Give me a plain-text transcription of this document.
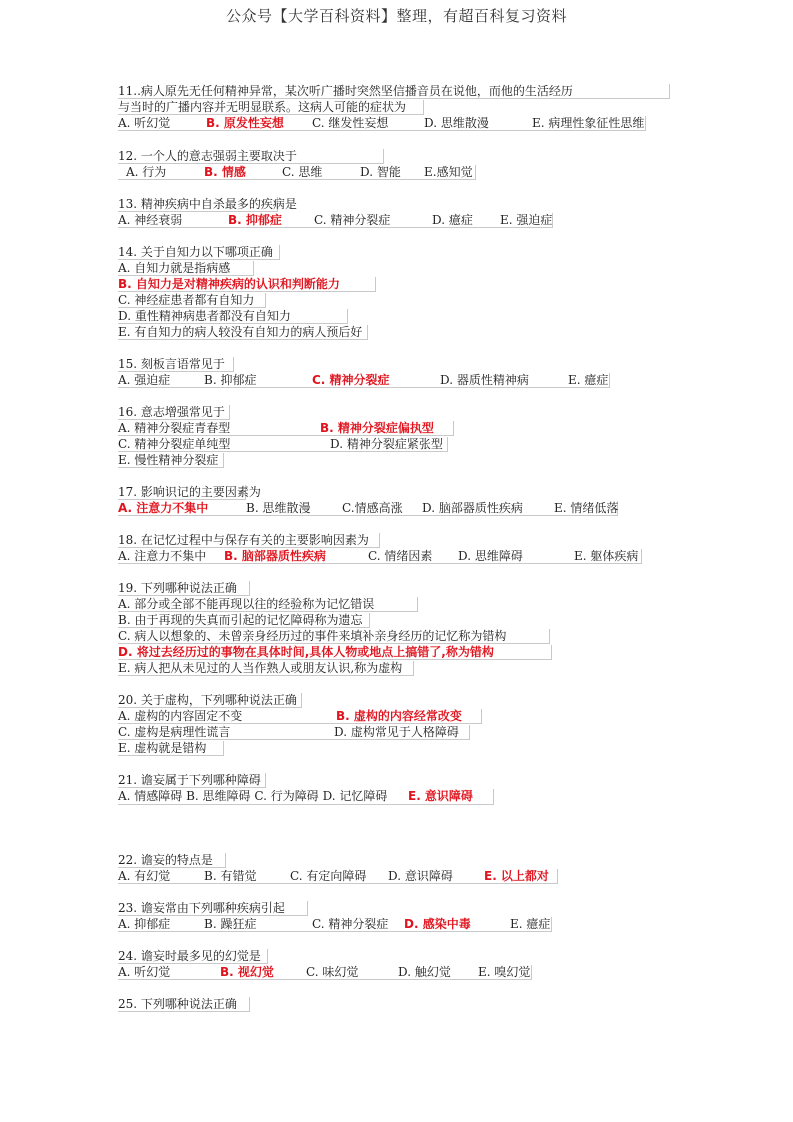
公众号【大学百科资料】整理，有超百科复习资料
11..病人原先无任何精神异常，某次听广播时突然坚信播音员在说他，而他的生活经历
与当时的广播内容并无明显联系。这病人可能的症状为
A. 听幻觉	B. 原发性妄想 C. 继发性妄想	D. 思维散漫	E. 病理性象征性思维
12. 一个人的意志强弱主要取决于
A. 行为	B. 情感	C. 思维	D. 智能 E.感知觉
13. 精神疾病中自杀最多的疾病是
A. 神经衰弱	B. 抑郁症	C. 精神分裂症	D. 癔症 E. 强迫症
14. 关于自知力以下哪项正确
A. 自知力就是指病感
B. 自知力是对精神疾病的认识和判断能力
C. 神经症患者都有自知力
D. 重性精神病患者都没有自知力
E. 有自知力的病人较没有自知力的病人预后好
15. 刻板言语常见于
A. 强迫症	B. 抑郁症	C. 精神分裂症	D. 器质性精神病	E. 癔症
16. 意志增强常见于
A. 精神分裂症青春型	B. 精神分裂症偏执型
C. 精神分裂症单纯型	D. 精神分裂症紧张型
E. 慢性精神分裂症
17. 影响识记的主要因素为
A. 注意力不集中	B. 思维散漫	C.情感高涨 D. 脑部器质性疾病	E. 情绪低落
18. 在记忆过程中与保存有关的主要影响因素为
A. 注意力不集中 B. 脑部器质性疾病	C. 情绪因素 D. 思维障碍	E. 躯体疾病
19. 下列哪种说法正确
A. 部分或全部不能再现以往的经验称为记忆错误
B. 由于再现的失真而引起的记忆障碍称为遗忘
C. 病人以想象的、未曾亲身经历过的事件来填补亲身经历的记忆称为错构
D. 将过去经历过的事物在具体时间,具体人物或地点上搞错了,称为错构
E. 病人把从未见过的人当作熟人或朋友认识,称为虚构
20. 关于虚构，下列哪种说法正确
A. 虚构的内容固定不变	B. 虚构的内容经常改变
C. 虚构是病理性谎言	D. 虚构常见于人格障碍
E. 虚构就是错构
21. 谵妄属于下列哪种障碍
A. 情感障碍 B. 思维障碍 C. 行为障碍 D. 记忆障碍 E. 意识障碍
22. 谵妄的特点是
A. 有幻觉	B. 有错觉	C. 有定向障碍 D. 意识障碍	E. 以上都对
23. 谵妄常由下列哪种疾病引起
A. 抑郁症	B. 躁狂症	C. 精神分裂症 D. 感染中毒	E. 癔症
24. 谵妄时最多见的幻觉是
A. 听幻觉	B. 视幻觉	C. 味幻觉	D. 触幻觉 E. 嗅幻觉
25. 下列哪种说法正确
